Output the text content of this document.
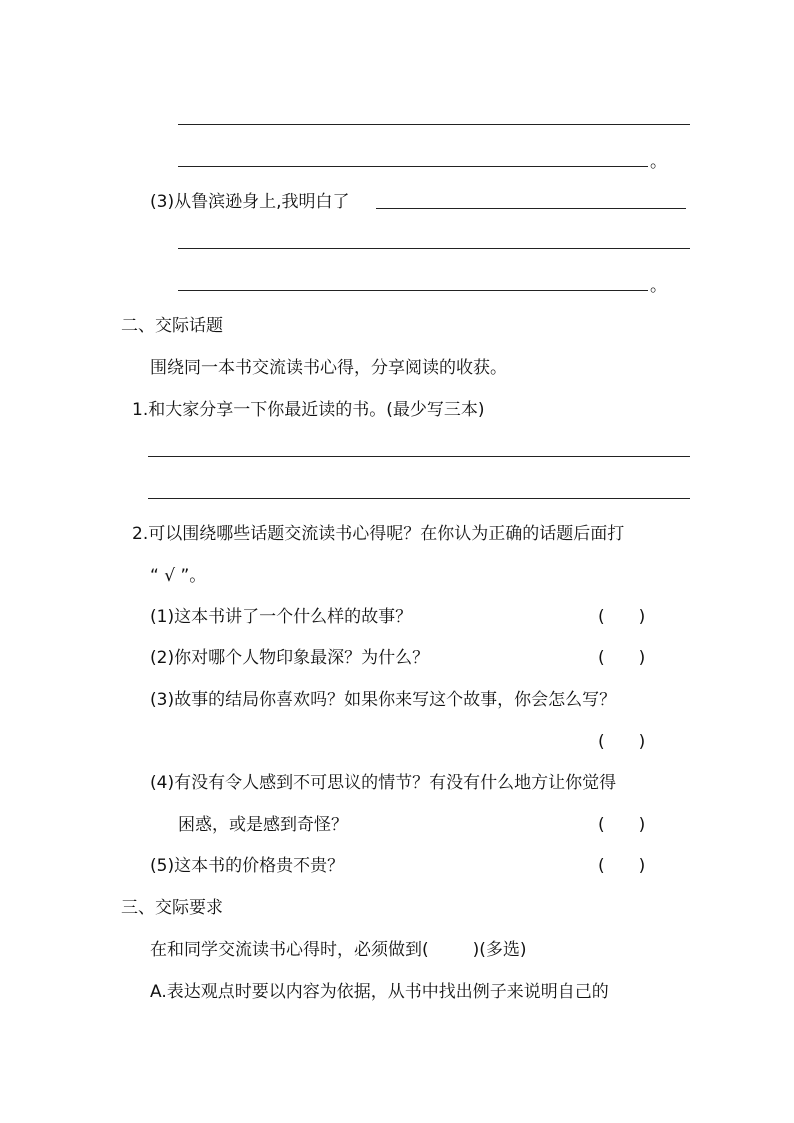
。
(3)从鲁滨逊身上,我明白了
。
二、交际话题
围绕同一本书交流读书心得，分享阅读的收获。
1.和大家分享一下你最近读的书。(最少写三本)
2.可以围绕哪些话题交流读书心得呢？在你认为正确的话题后面打
“ √ ”。
(1)这本书讲了一个什么样的故事？	(　　)
(2)你对哪个人物印象最深？为什么？	(　　)
(3)故事的结局你喜欢吗？如果你来写这个故事，你会怎么写？
(　　)
(4)有没有令人感到不可思议的情节？有没有什么地方让你觉得
困惑，或是感到奇怪？	(　　)
(5)这本书的价格贵不贵？	(　　)
三、交际要求
在和同学交流读书心得时，必须做到(	)(多选)
A.表达观点时要以内容为依据，从书中找出例子来说明自己的
